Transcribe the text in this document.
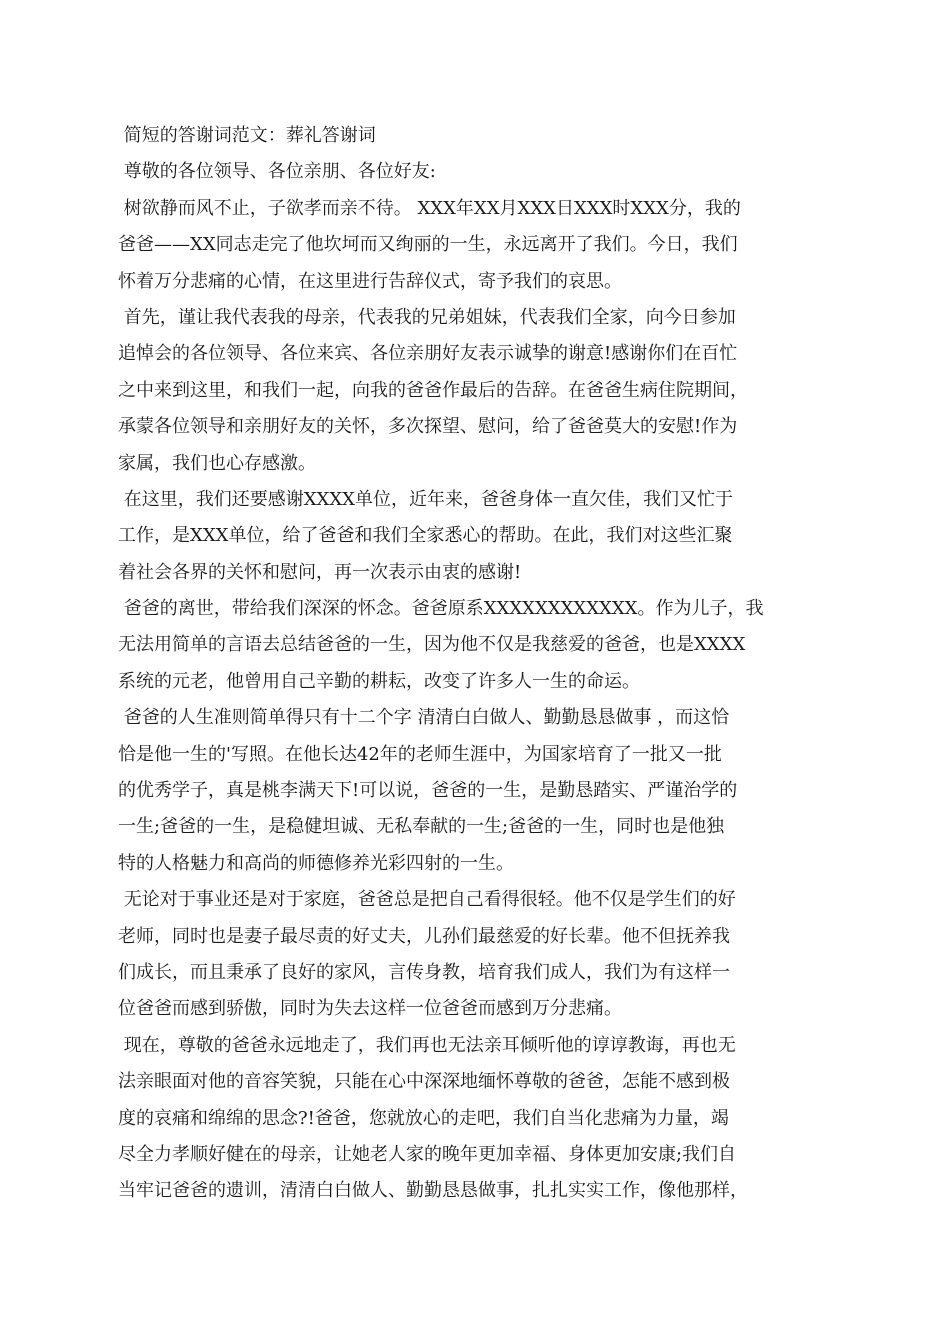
简短的答谢词范文：葬礼答谢词
尊敬的各位领导、各位亲朋、各位好友:
树欲静而风不止，子欲孝而亲不待。 XXX年XX月XXX日XXX时XXX分，我的
爸爸——XX同志走完了他坎坷而又绚丽的一生，永远离开了我们。今日，我们
怀着万分悲痛的心情，在这里进行告辞仪式，寄予我们的哀思。
首先，谨让我代表我的母亲，代表我的兄弟姐妹，代表我们全家，向今日参加
追悼会的各位领导、各位来宾、各位亲朋好友表示诚挚的谢意!感谢你们在百忙
之中来到这里，和我们一起，向我的爸爸作最后的告辞。在爸爸生病住院期间，
承蒙各位领导和亲朋好友的关怀，多次探望、慰问，给了爸爸莫大的安慰!作为
家属，我们也心存感激。
在这里，我们还要感谢XXXX单位，近年来，爸爸身体一直欠佳，我们又忙于
工作，是XXX单位，给了爸爸和我们全家悉心的帮助。在此，我们对这些汇聚
着社会各界的关怀和慰问，再一次表示由衷的感谢!
爸爸的离世，带给我们深深的怀念。爸爸原系XXXXXXXXXXXX。作为儿子，我
无法用简单的言语去总结爸爸的一生，因为他不仅是我慈爱的爸爸，也是XXXX
系统的元老，他曾用自己辛勤的耕耘，改变了许多人一生的命运。
爸爸的人生准则简单得只有十二个字 清清白白做人、勤勤恳恳做事 ，而这恰
恰是他一生的'写照。在他长达42年的老师生涯中，为国家培育了一批又一批
的优秀学子，真是桃李满天下!可以说，爸爸的一生，是勤恳踏实、严谨治学的
一生;爸爸的一生，是稳健坦诚、无私奉献的一生;爸爸的一生，同时也是他独
特的人格魅力和高尚的师德修养光彩四射的一生。
无论对于事业还是对于家庭，爸爸总是把自己看得很轻。他不仅是学生们的好
老师，同时也是妻子最尽责的好丈夫，儿孙们最慈爱的好长辈。他不但抚养我
们成长，而且秉承了良好的家风，言传身教，培育我们成人，我们为有这样一
位爸爸而感到骄傲，同时为失去这样一位爸爸而感到万分悲痛。
现在，尊敬的爸爸永远地走了，我们再也无法亲耳倾听他的谆谆教诲，再也无
法亲眼面对他的音容笑貌，只能在心中深深地缅怀尊敬的爸爸，怎能不感到极
度的哀痛和绵绵的思念?!爸爸，您就放心的走吧，我们自当化悲痛为力量，竭
尽全力孝顺好健在的母亲，让她老人家的晚年更加幸福、身体更加安康;我们自
当牢记爸爸的遗训，清清白白做人、勤勤恳恳做事，扎扎实实工作，像他那样，
